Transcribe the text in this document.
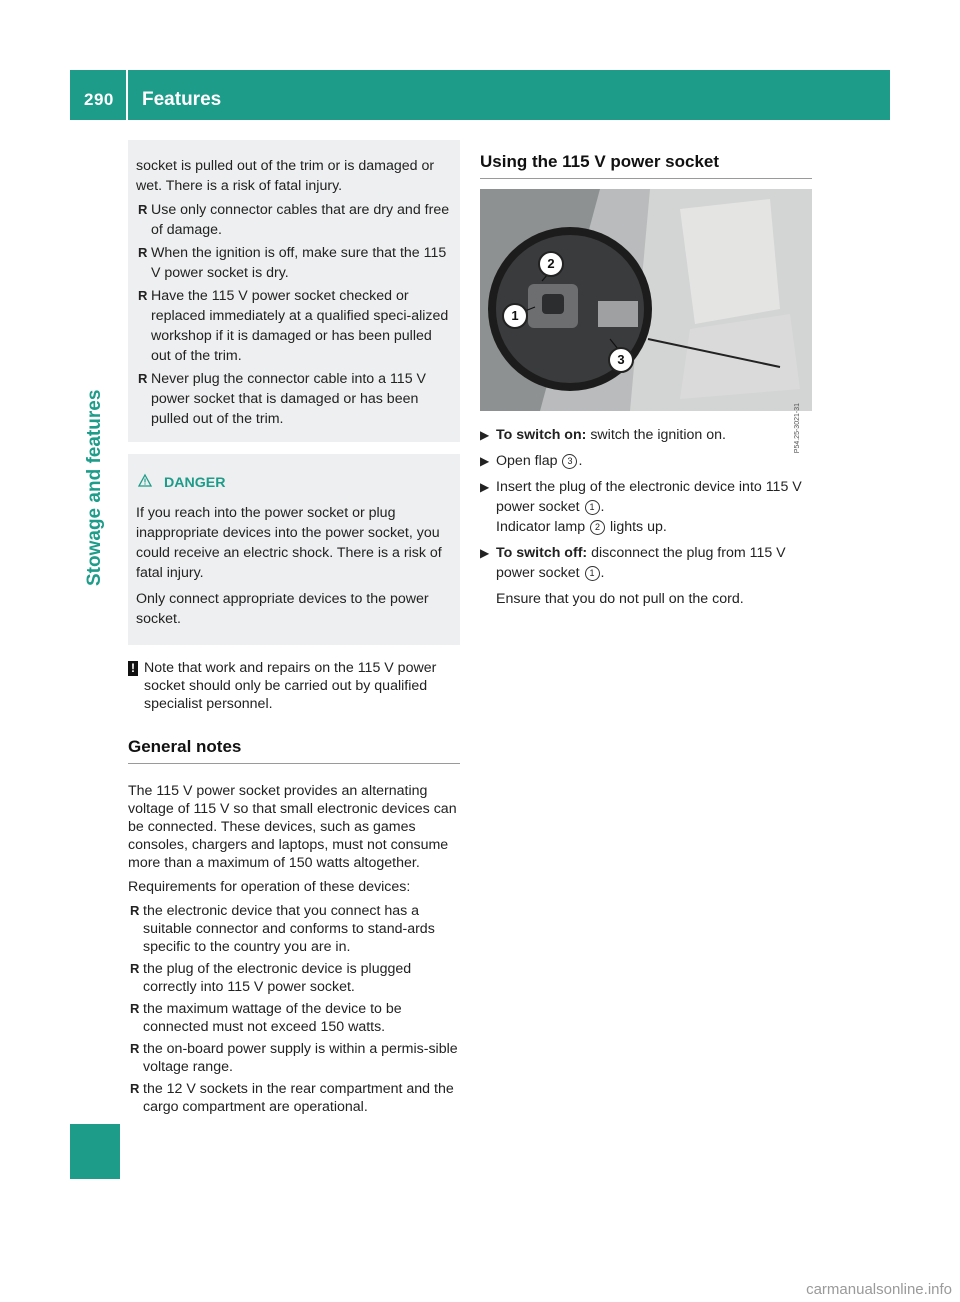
290 Features
Stowage and features

socket is pulled out of the trim or is damaged or wet. There is a risk of fatal injury.

R Use only connector cables that are dry and free of damage.
R When the ignition is off, make sure that the 115 V power socket is dry.
R Have the 115 V power socket checked or replaced immediately at a qualified speci-alized workshop if it is damaged or has been pulled out of the trim.
R Never plug the connector cable into a 115 V power socket that is damaged or has been pulled out of the trim.
DANGER

If you reach into the power socket or plug inappropriate devices into the power socket, you could receive an electric shock. There is a risk of fatal injury.

Only connect appropriate devices to the power socket.

! Note that work and repairs on the 115 V power socket should only be carried out by qualified specialist personnel.
General notes

The 115 V power socket provides an alternating voltage of 115 V so that small electronic devices can be connected. These devices, such as games consoles, chargers and laptops, must not consume more than a maximum of 150 watts altogether.

Requirements for operation of these devices:

R the electronic device that you connect has a suitable connector and conforms to stand-ards specific to the country you are in.
R the plug of the electronic device is plugged correctly into 115 V power socket.
R the maximum wattage of the device to be connected must not exceed 150 watts.
R the on-board power supply is within a permis-sible voltage range.
R the 12 V sockets in the rear compartment and the cargo compartment are operational.
Using the 115 V power socket
2
1
3
P54.25-3021-31
▶ To switch on: switch the ignition on.
▶ Open flap 3 .
▶ Insert the plug of the electronic device into 115 V power socket 1 .
Indicator lamp 2 lights up.
▶ To switch off: disconnect the plug from 115 V power socket 1 .
Ensure that you do not pull on the cord.
carmanualsonline.info
